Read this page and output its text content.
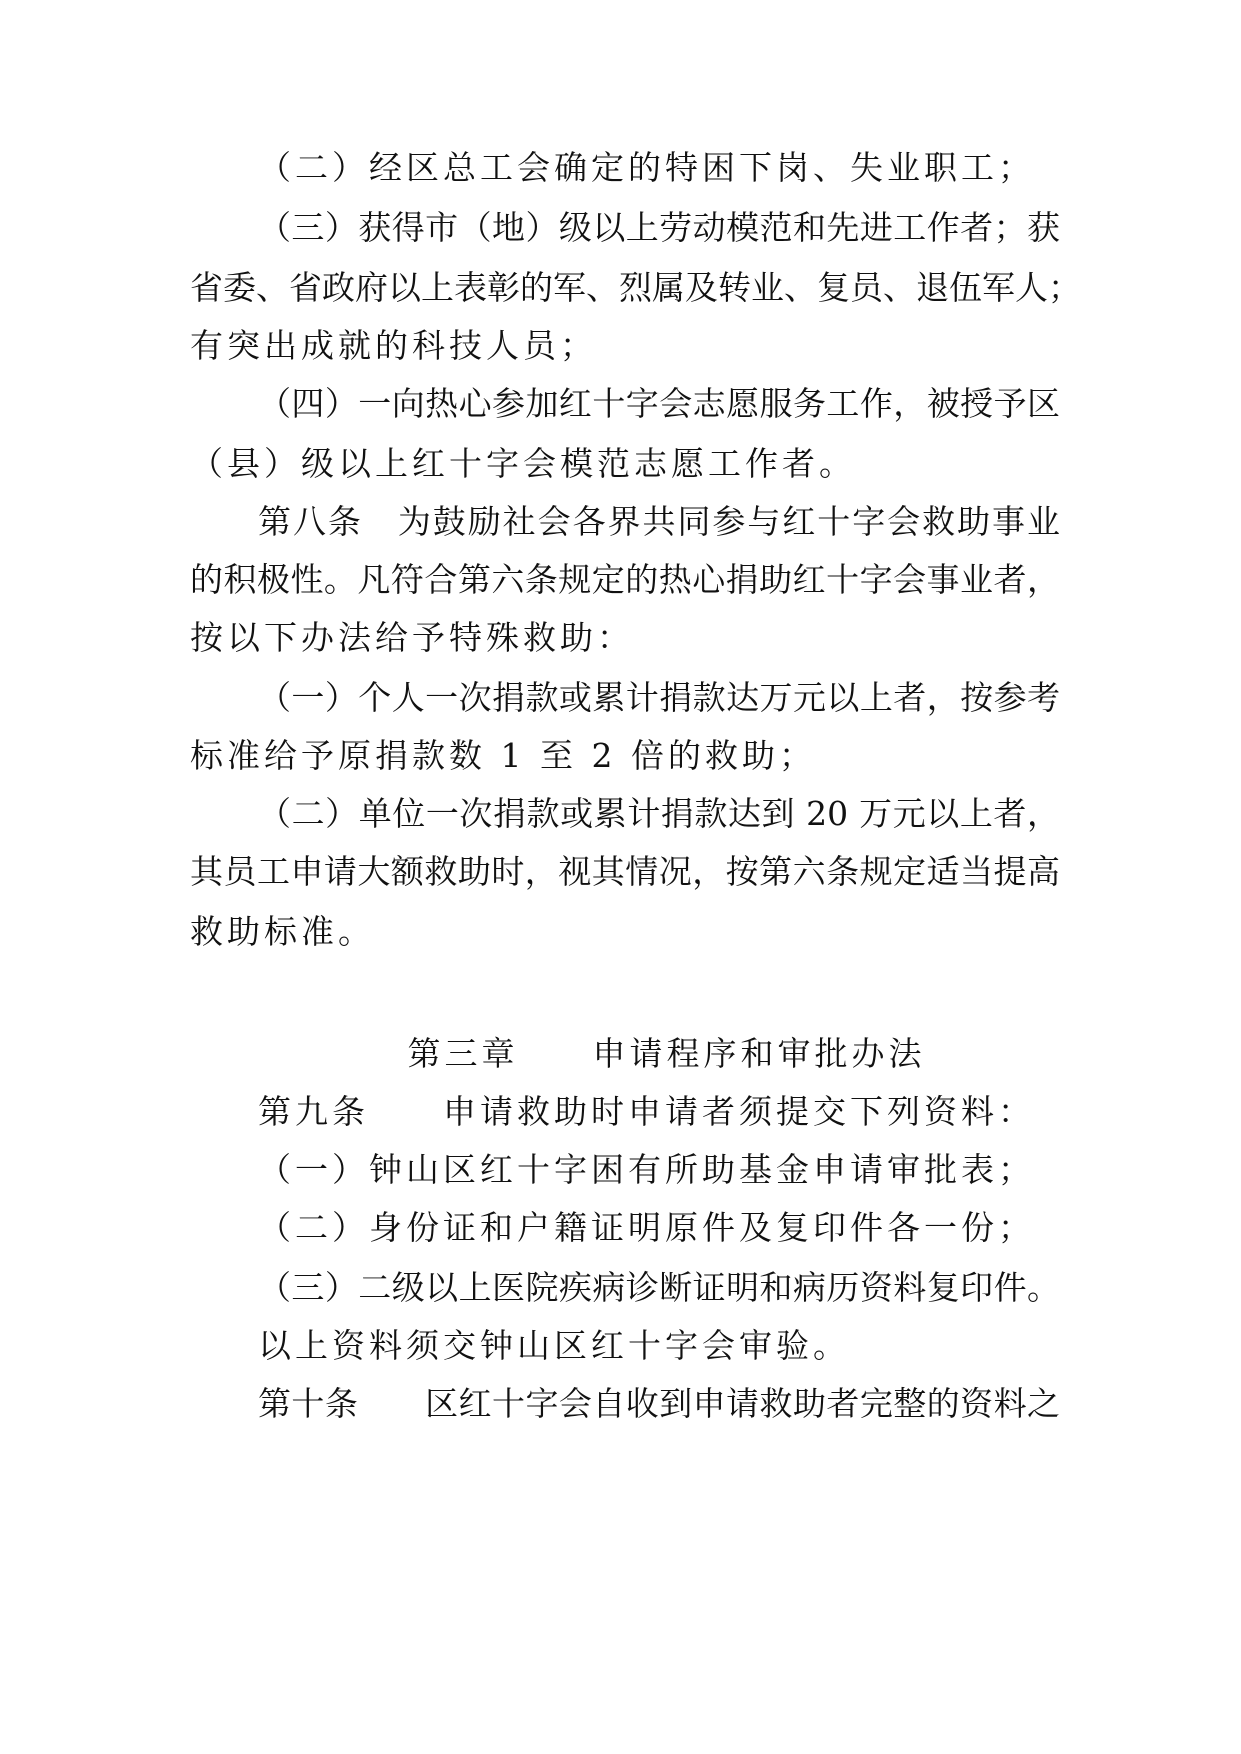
（二）经区总工会确定的特困下岗、失业职工；
（三）获得市（地）级以上劳动模范和先进工作者；获
省委、省政府以上表彰的军、烈属及转业、复员、退伍军人；
有突出成就的科技人员；
（四）一向热心参加红十字会志愿服务工作，被授予区
（县）级以上红十字会模范志愿工作者。
第八条　为鼓励社会各界共同参与红十字会救助事业
的积极性。凡符合第六条规定的热心捐助红十字会事业者，
按以下办法给予特殊救助：
（一）个人一次捐款或累计捐款达万元以上者，按参考
标准给予原捐款数 1 至 2 倍的救助；
（二）单位一次捐款或累计捐款达到 20 万元以上者，
其员工申请大额救助时，视其情况，按第六条规定适当提高
救助标准。
第三章　　申请程序和审批办法
第九条　　申请救助时申请者须提交下列资料：
（一）钟山区红十字困有所助基金申请审批表；
（二）身份证和户籍证明原件及复印件各一份；
（三）二级以上医院疾病诊断证明和病历资料复印件。
以上资料须交钟山区红十字会审验。
第十条　　区红十字会自收到申请救助者完整的资料之
